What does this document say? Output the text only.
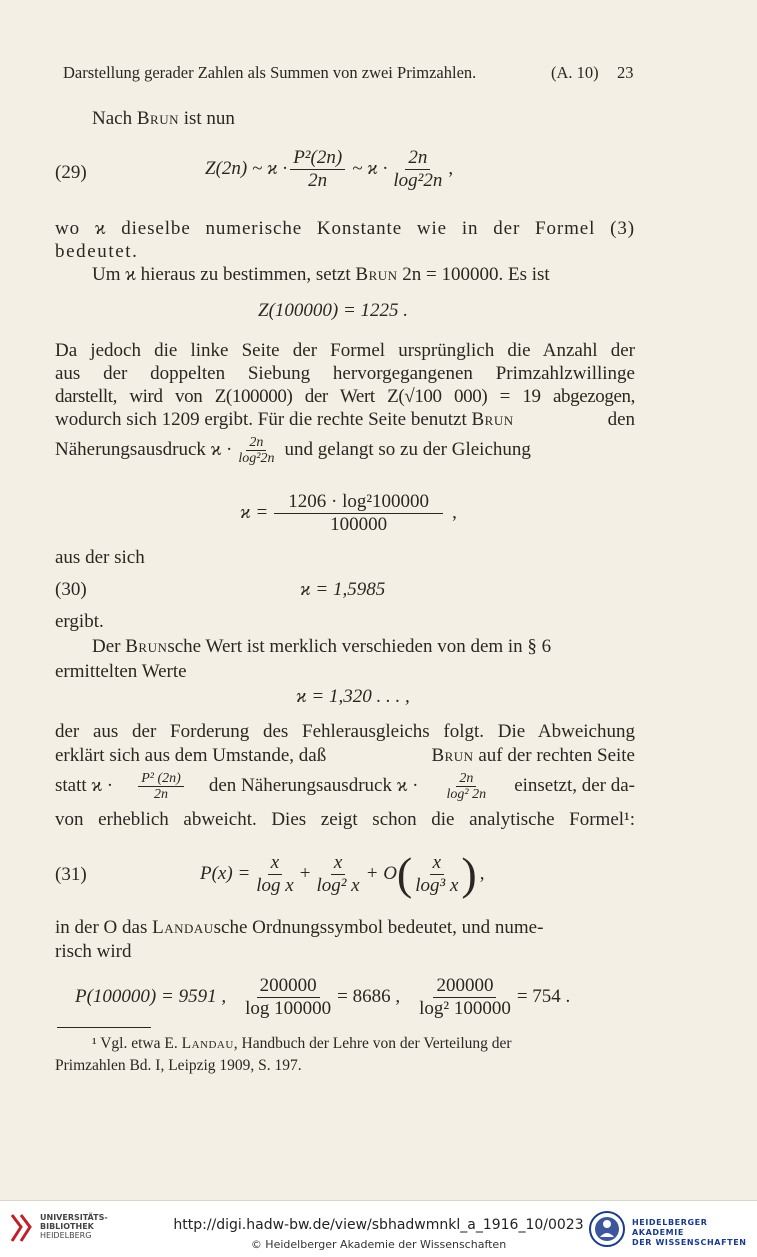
Darstellung gerader Zahlen als Summen von zwei Primzahlen.	(A. 10) 23
Nach Brun ist nun
(29)	Z(2n) ~ $ϰ \cdot \frac{\text{P²(2n)}}{2n}$ ~ $ϰ \cdot \frac{2n}{\text{log²2n}}$ ,
wo ϰ dieselbe numerische Konstante wie in der Formel (3)
bedeutet.
Um ϰ hieraus zu bestimmen, setzt Brun 2n = 100000. Es ist
Z(100000) = 1225 .
Da jedoch die linke Seite der Formel ursprünglich die Anzahl der
aus der doppelten Siebung hervorgegangenen Primzahlzwillinge
darstellt, wird von Z(100000) der Wert Z(√100 000) = 19 abgezogen,
wodurch sich 1209 ergibt. Für die rechte Seite benutzt Brun	den
Näherungsausdruck $ϰ \cdot \frac{2n}{\text{log²2n}}$ und gelangt so zu der Gleichung
$ϰ = \frac{\text{1206 · log²100000}}{100000}$ ,
aus der sich
(30)	ϰ = 1,5985
ergibt.
Der Brunsche Wert ist merklich verschieden von dem in § 6
ermittelten Werte
ϰ = 1,320 . . . ,
der aus der Forderung des Fehlerausgleichs folgt. Die Abweichung
erklärt sich aus dem Umstande, daß	Brun auf der rechten Seite
statt $ϰ \cdot \frac{\text{P² (2n)}}{2n}$ den Näherungsausdruck $ϰ \cdot \frac{2n}{\text{log² 2n}}$ einsetzt, der da-
von erheblich abweicht. Dies zeigt schon die analytische Formel¹:
(31)	$P(x) = \frac{x}{\text{log x}} + \frac{x}{\text{log² x}} + O$ ( $\frac{x}{\text{log³ x}}$ ) ,
in der O das Landausche Ordnungssymbol bedeutet, und nume-
risch wird
P(100000) = 9591 , $\frac{200000}{\log 100000} = 8686$ , $\frac{200000}{\text{log² 100000}} = 754$ .
¹ Vgl. etwa E. Landau, Handbuch der Lehre von der Verteilung der
Primzahlen Bd. I, Leipzig 1909, S. 197.
UNIVERSITÄTS-
BIBLIOTHEK
HEIDELBERG
http://digi.hadw-bw.de/view/sbhadwmnkl_a_1916_10/0023
© Heidelberger Akademie der Wissenschaften
HEIDELBERGER AKADEMIE
DER WISSENSCHAFTEN
